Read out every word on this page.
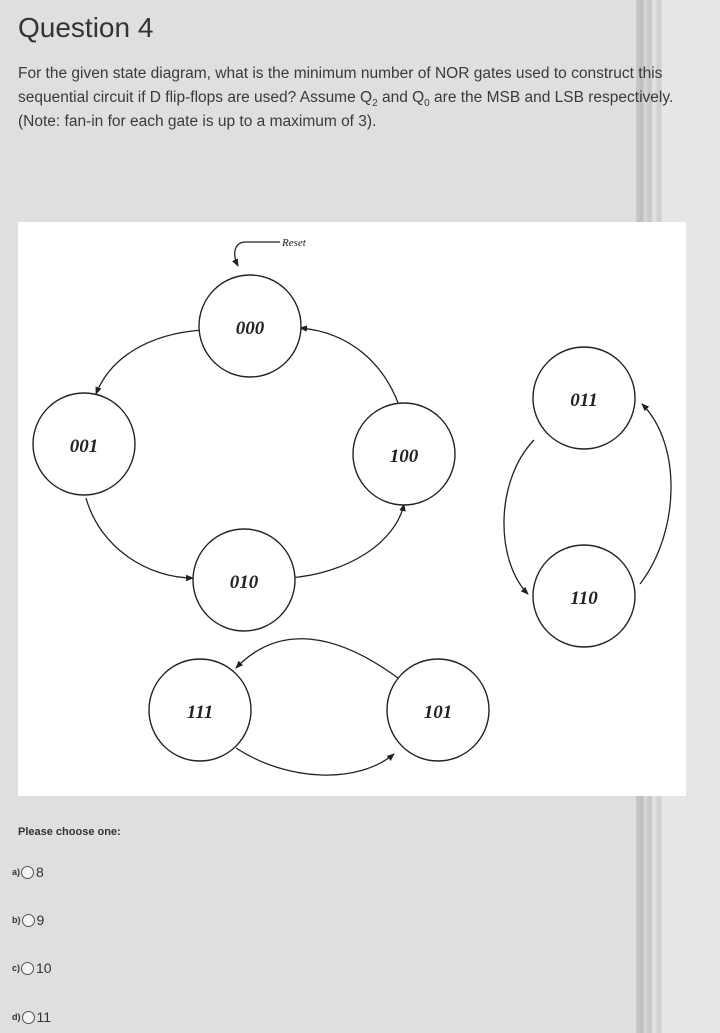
Question 4
For the given state diagram, what is the minimum number of NOR gates used to construct this sequential circuit if D flip-flops are used? Assume $Q_2$ and $Q_0$ are the MSB and LSB respectively. (Note: fan-in for each gate is up to a maximum of 3).
Reset
000
001
010
100
011
110
111	101
Please choose one:
a) 8
b) 9
c) 10
d) 11
